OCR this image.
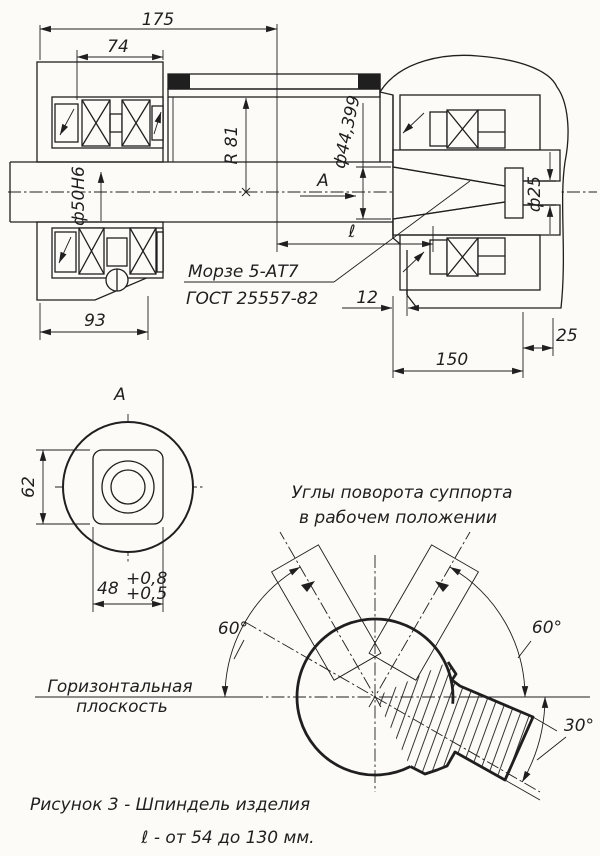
175
74
R 81	ф44,399
ф50Н6	А
ℓ
Морзе 5-АТ7
ГОСТ 25557-82 12
93
150
25
ф25
А
62
48 +0,8
+0,5
Углы поворота суппорта
в рабочем положении
60°	60°
30°
Горизонтальная
плоскость
Рисунок 3 - Шпиндель изделия
ℓ - от 54 до 130 мм.
